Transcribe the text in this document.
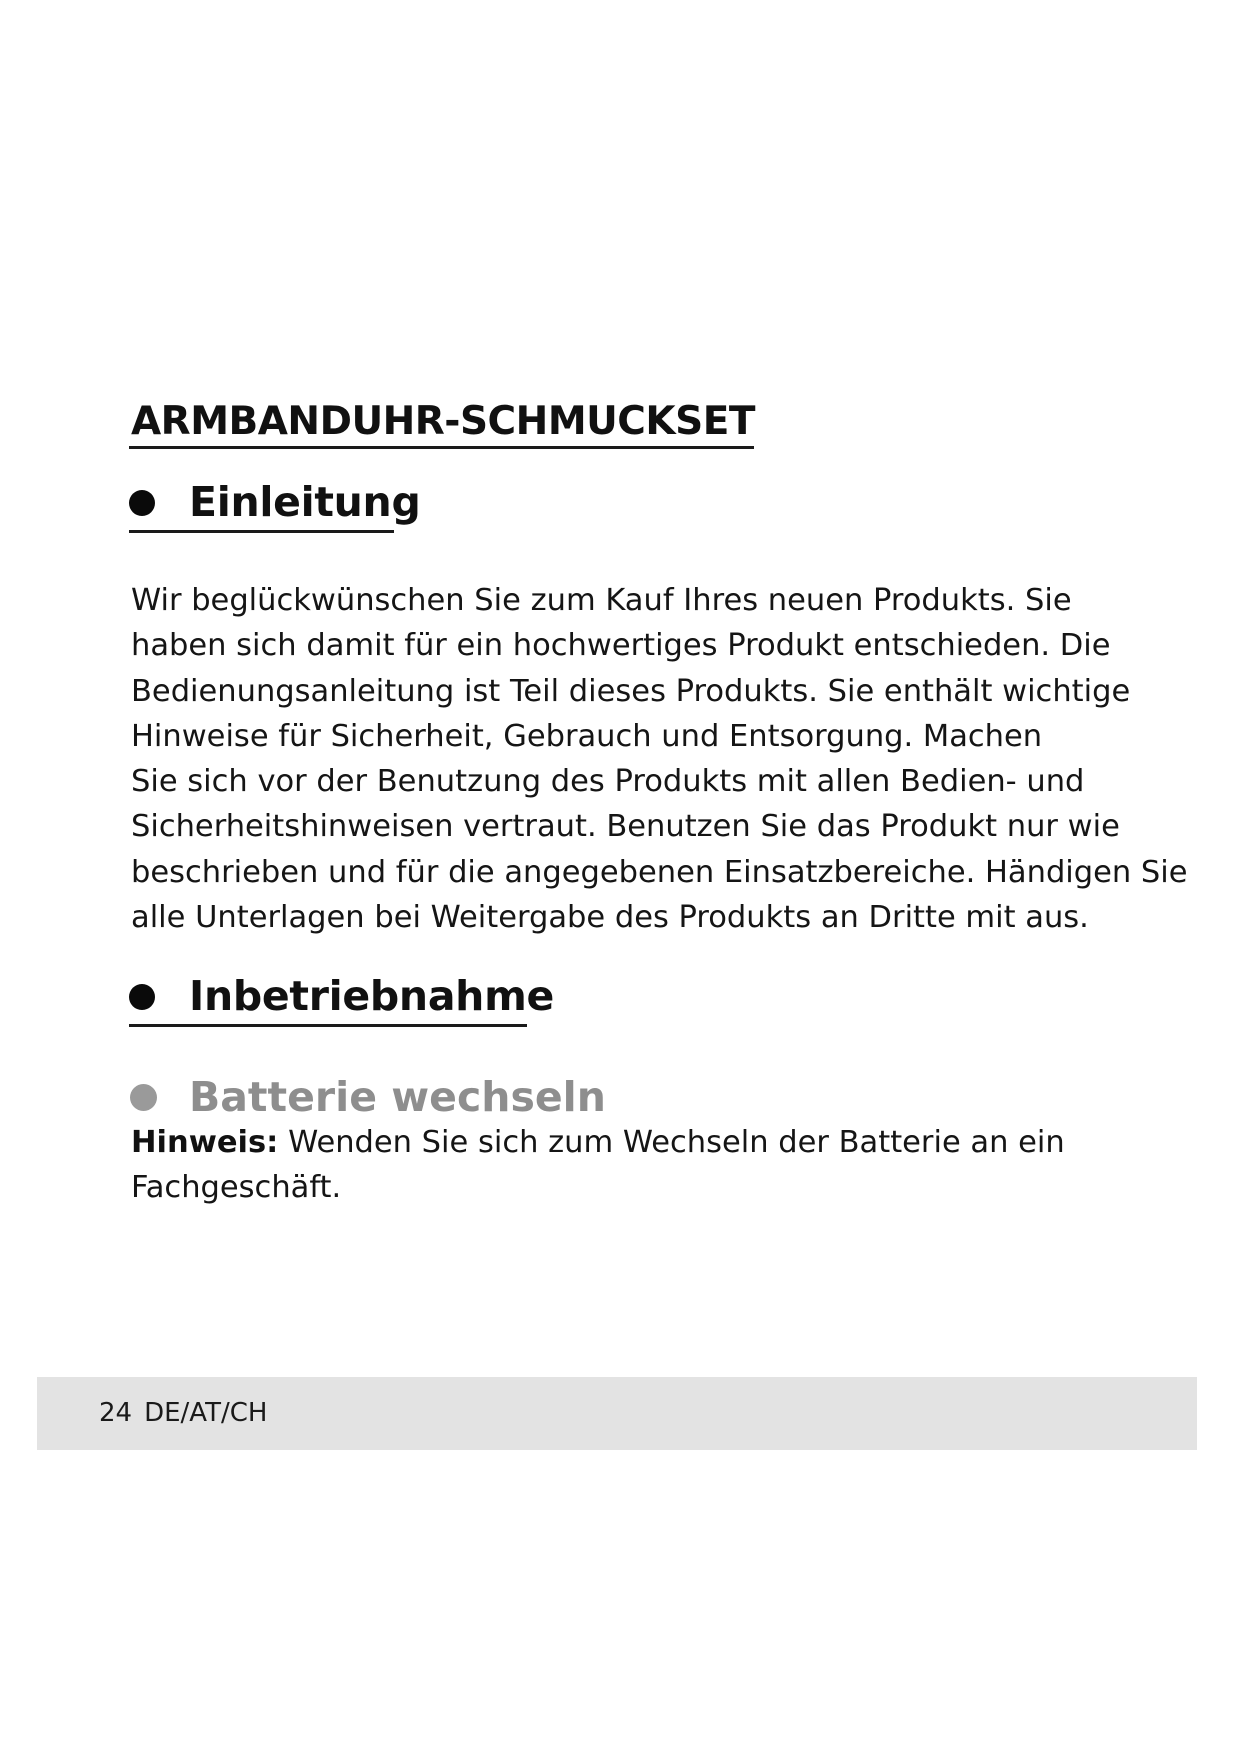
ARMBANDUHR-SCHMUCKSET
Einleitung
Wir beglückwünschen Sie zum Kauf Ihres neuen Produkts. Sie
haben sich damit für ein hochwertiges Produkt entschieden. Die
Bedienungsanleitung ist Teil dieses Produkts. Sie enthält wichtige
Hinweise für Sicherheit, Gebrauch und Entsorgung. Machen
Sie sich vor der Benutzung des Produkts mit allen Bedien- und
Sicherheitshinweisen vertraut. Benutzen Sie das Produkt nur wie
beschrieben und für die angegebenen Einsatzbereiche. Händigen Sie
alle Unterlagen bei Weitergabe des Produkts an Dritte mit aus.
Inbetriebnahme
Batterie wechseln
Hinweis: Wenden Sie sich zum Wechseln der Batterie an ein
Fachgeschäft.
24 DE/AT/CH
